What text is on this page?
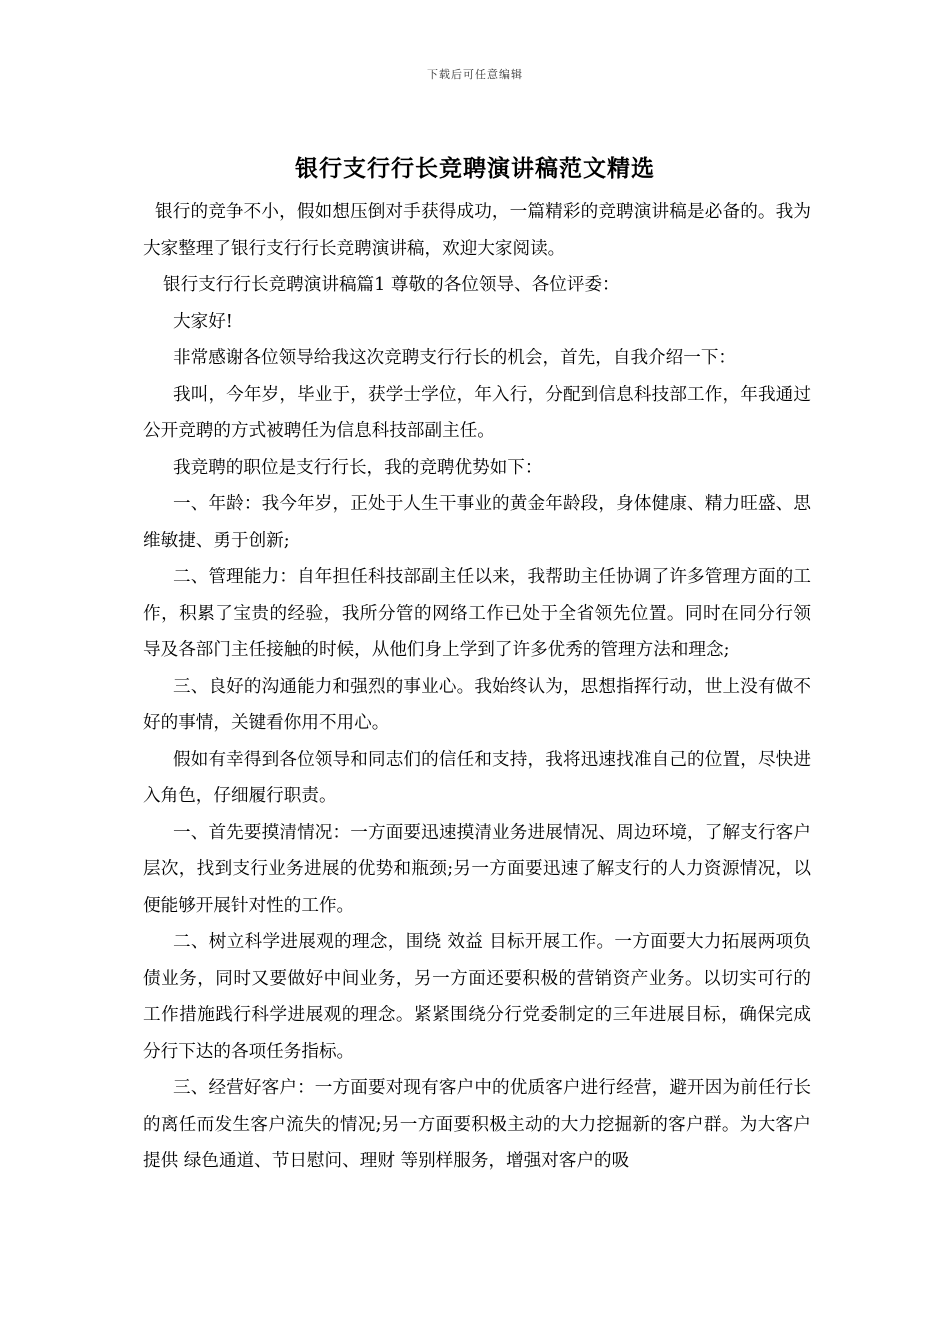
下载后可任意编辑
银行支行行长竞聘演讲稿范文精选

银行的竞争不小，假如想压倒对手获得成功，一篇精彩的竞聘演讲稿是必备的。我为大家整理了银行支行行长竞聘演讲稿，欢迎大家阅读。

银行支行行长竞聘演讲稿篇1 尊敬的各位领导、各位评委：

大家好!

非常感谢各位领导给我这次竞聘支行行长的机会，首先，自我介绍一下：

我叫，今年岁，毕业于，获学士学位，年入行，分配到信息科技部工作，年我通过公开竞聘的方式被聘任为信息科技部副主任。

我竞聘的职位是支行行长，我的竞聘优势如下：

一、年龄：我今年岁，正处于人生干事业的黄金年龄段，身体健康、精力旺盛、思维敏捷、勇于创新;

二、管理能力：自年担任科技部副主任以来，我帮助主任协调了许多管理方面的工作，积累了宝贵的经验，我所分管的网络工作已处于全省领先位置。同时在同分行领导及各部门主任接触的时候，从他们身上学到了许多优秀的管理方法和理念;

三、良好的沟通能力和强烈的事业心。我始终认为，思想指挥行动，世上没有做不好的事情，关键看你用不用心。

假如有幸得到各位领导和同志们的信任和支持，我将迅速找准自己的位置，尽快进入角色，仔细履行职责。

一、首先要摸清情况：一方面要迅速摸清业务进展情况、周边环境，了解支行客户层次，找到支行业务进展的优势和瓶颈;另一方面要迅速了解支行的人力资源情况，以便能够开展针对性的工作。

二、树立科学进展观的理念，围绕 效益 目标开展工作。一方面要大力拓展两项负债业务，同时又要做好中间业务，另一方面还要积极的营销资产业务。以切实可行的工作措施践行科学进展观的理念。紧紧围绕分行党委制定的三年进展目标，确保完成分行下达的各项任务指标。

三、经营好客户：一方面要对现有客户中的优质客户进行经营，避开因为前任行长的离任而发生客户流失的情况;另一方面要积极主动的大力挖掘新的客户群。为大客户提供 绿色通道、节日慰问、理财 等别样服务，增强对客户的吸
